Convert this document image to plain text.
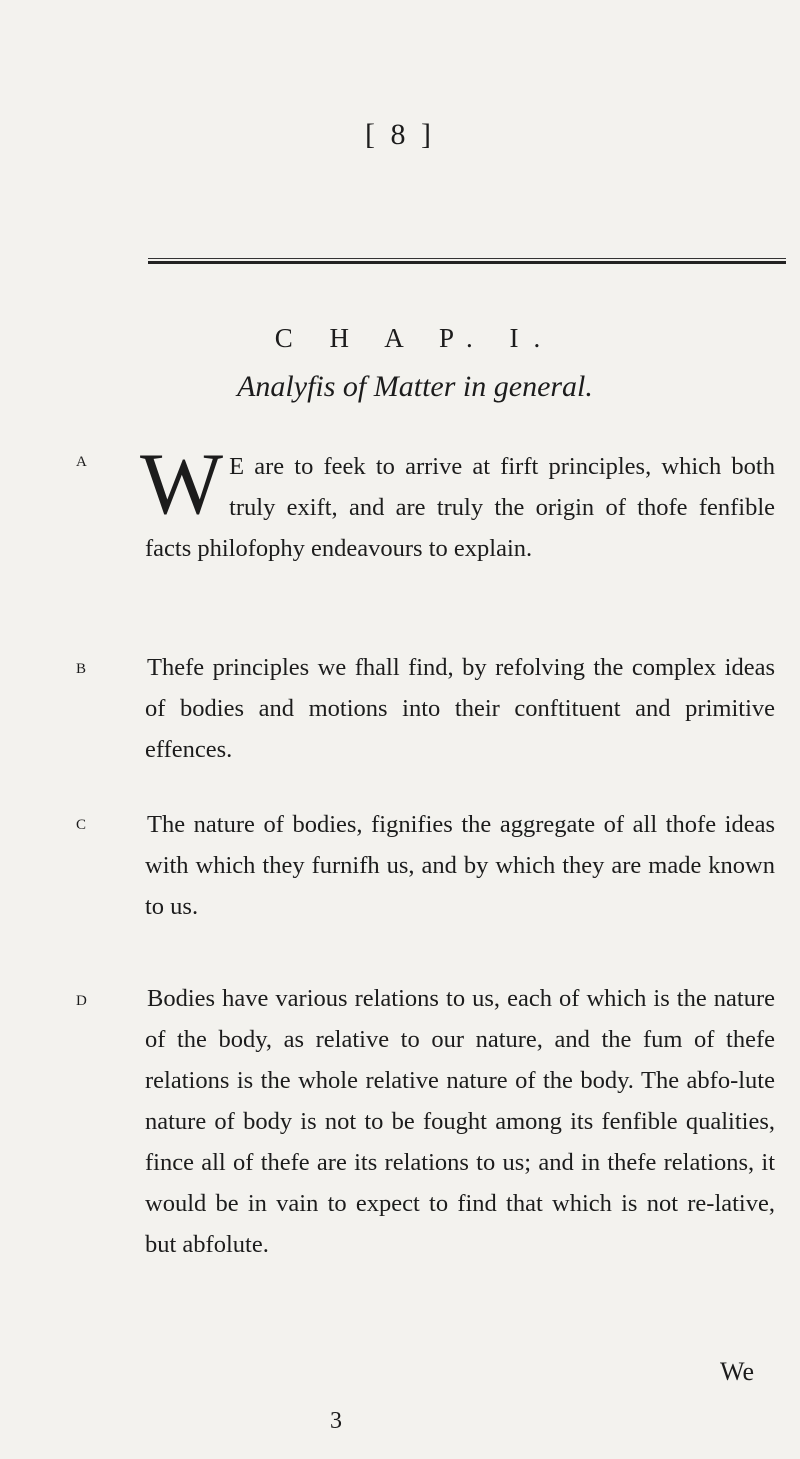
[ 8 ]
C H A P. I.
Analyfis of Matter in general.
A W E are to feek to arrive at firft principles, which both truly exift, and are truly the origin of thofe fenfible facts philofophy endeavours to explain.
B Thefe principles we fhall find, by refolving the complex ideas of bodies and motions into their conftituent and primitive effences.
C The nature of bodies, fignifies the aggregate of all thofe ideas with which they furnifh us, and by which they are made known to us.
D Bodies have various relations to us, each of which is the nature of the body, as relative to our nature, and the fum of thefe relations is the whole relative nature of the body. The abfo-lute nature of body is not to be fought among its fenfible qualities, fince all of thefe are its relations to us; and in thefe relations, it would be in vain to expect to find that which is not re-lative, but abfolute.
We
3
